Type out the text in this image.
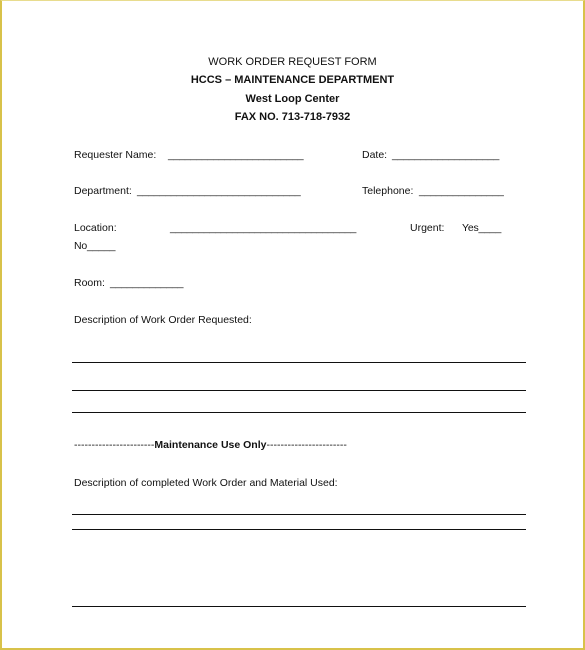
WORK ORDER REQUEST FORM
HCCS – MAINTENANCE DEPARTMENT
West Loop Center
FAX NO. 713-718-7932
Requester Name: ________________________	Date: ___________________
Department: _____________________________	Telephone: _______________
Location:	_________________________________	Urgent: Yes____
No_____
Room: _____________
Description of Work Order Requested:
-----------------------Maintenance Use Only-----------------------
Description of completed Work Order and Material Used:
